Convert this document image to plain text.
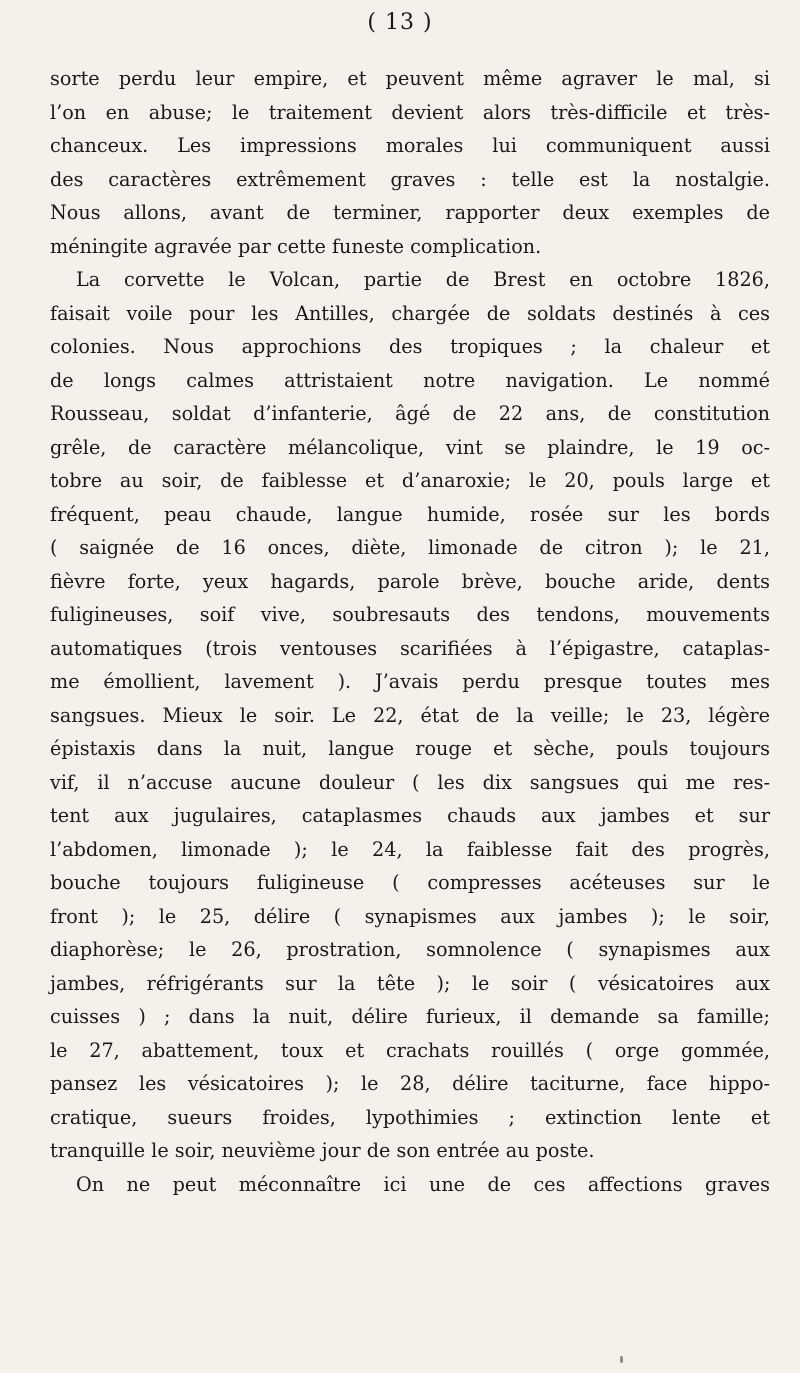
( 13 )
sorte perdu leur empire, et peuvent même agraver le mal, si
l’on en abuse; le traitement devient alors très-difficile et très-
chanceux. Les impressions morales lui communiquent aussi
des caractères extrêmement graves : telle est la nostalgie.
Nous allons, avant de terminer, rapporter deux exemples de
méningite agravée par cette funeste complication.
La corvette le Volcan, partie de Brest en octobre 1826,
faisait voile pour les Antilles, chargée de soldats destinés à ces
colonies. Nous approchions des tropiques ; la chaleur et
de longs calmes attristaient notre navigation. Le nommé
Rousseau, soldat d’infanterie, âgé de 22 ans, de constitution
grêle, de caractère mélancolique, vint se plaindre, le 19 oc-
tobre au soir, de faiblesse et d’anaroxie; le 20, pouls large et
fréquent, peau chaude, langue humide, rosée sur les bords
( saignée de 16 onces, diète, limonade de citron ); le 21,
fièvre forte, yeux hagards, parole brève, bouche aride, dents
fuligineuses, soif vive, soubresauts des tendons, mouvements
automatiques (trois ventouses scarifiées à l’épigastre, cataplas-
me émollient, lavement ). J’avais perdu presque toutes mes
sangsues. Mieux le soir. Le 22, état de la veille; le 23, légère
épistaxis dans la nuit, langue rouge et sèche, pouls toujours
vif, il n’accuse aucune douleur ( les dix sangsues qui me res-
tent aux jugulaires, cataplasmes chauds aux jambes et sur
l’abdomen, limonade ); le 24, la faiblesse fait des progrès,
bouche toujours fuligineuse ( compresses acéteuses sur le
front ); le 25, délire ( synapismes aux jambes ); le soir,
diaphorèse; le 26, prostration, somnolence ( synapismes aux
jambes, réfrigérants sur la tête ); le soir ( vésicatoires aux
cuisses ) ; dans la nuit, délire furieux, il demande sa famille;
le 27, abattement, toux et crachats rouillés ( orge gommée,
pansez les vésicatoires ); le 28, délire taciturne, face hippo-
cratique, sueurs froides, lypothimies ; extinction lente et
tranquille le soir, neuvième jour de son entrée au poste.
On ne peut méconnaître ici une de ces affections graves
